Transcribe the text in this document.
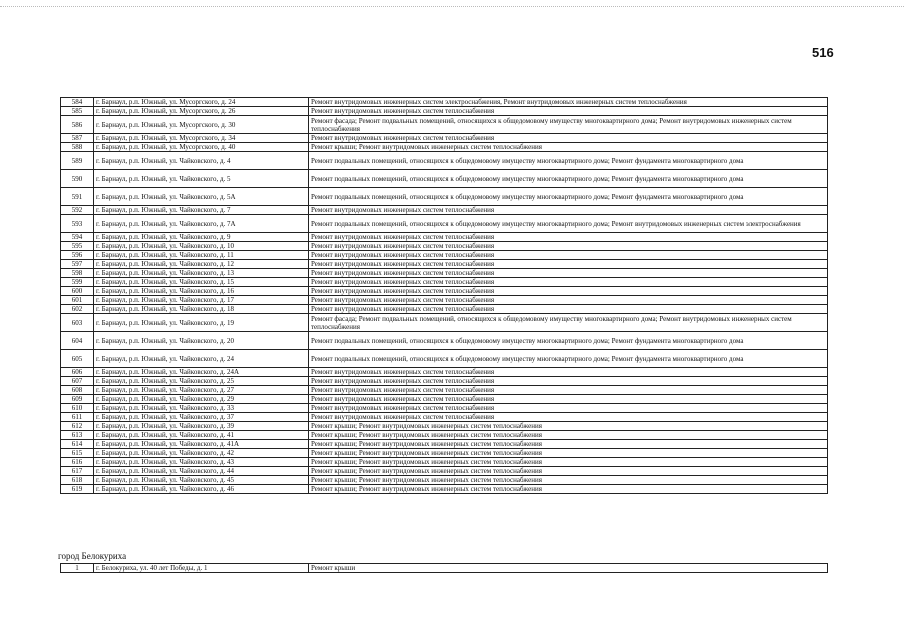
516
584	г. Барнаул, р.п. Южный, ул. Мусоргского, д. 24	Ремонт внутридомовых инженерных систем электроснабжения, Ремонт внутридомовых инженерных систем теплоснабжения
585	г. Барнаул, р.п. Южный, ул. Мусоргского, д. 26	Ремонт внутридомовых инженерных систем теплоснабжения
586	г. Барнаул, р.п. Южный, ул. Мусоргского, д. 30	Ремонт фасада; Ремонт подвальных помещений, относящихся к общедомовому имуществу многоквартирного дома; Ремонт внутридомовых инженерных систем теплоснабжения
587	г. Барнаул, р.п. Южный, ул. Мусоргского, д. 34	Ремонт внутридомовых инженерных систем теплоснабжения
588	г. Барнаул, р.п. Южный, ул. Мусоргского, д. 40	Ремонт крыши; Ремонт внутридомовых инженерных систем теплоснабжения
589	г. Барнаул, р.п. Южный, ул. Чайковского, д. 4	Ремонт подвальных помещений, относящихся к общедомовому имуществу многоквартирного дома; Ремонт фундамента многоквартирного дома
590	г. Барнаул, р.п. Южный, ул. Чайковского, д. 5	Ремонт подвальных помещений, относящихся к общедомовому имуществу многоквартирного дома; Ремонт фундамента многоквартирного дома
591	г. Барнаул, р.п. Южный, ул. Чайковского, д. 5А	Ремонт подвальных помещений, относящихся к общедомовому имуществу многоквартирного дома; Ремонт фундамента многоквартирного дома
592	г. Барнаул, р.п. Южный, ул. Чайковского, д. 7	Ремонт внутридомовых инженерных систем теплоснабжения
593	г. Барнаул, р.п. Южный, ул. Чайковского, д. 7А	Ремонт подвальных помещений, относящихся к общедомовому имуществу многоквартирного дома; Ремонт внутридомовых инженерных систем электроснабжения
594	г. Барнаул, р.п. Южный, ул. Чайковского, д. 9	Ремонт внутридомовых инженерных систем теплоснабжения
595	г. Барнаул, р.п. Южный, ул. Чайковского, д. 10	Ремонт внутридомовых инженерных систем теплоснабжения
596	г. Барнаул, р.п. Южный, ул. Чайковского, д. 11	Ремонт внутридомовых инженерных систем теплоснабжения
597	г. Барнаул, р.п. Южный, ул. Чайковского, д. 12	Ремонт внутридомовых инженерных систем теплоснабжения
598	г. Барнаул, р.п. Южный, ул. Чайковского, д. 13	Ремонт внутридомовых инженерных систем теплоснабжения
599	г. Барнаул, р.п. Южный, ул. Чайковского, д. 15	Ремонт внутридомовых инженерных систем теплоснабжения
600	г. Барнаул, р.п. Южный, ул. Чайковского, д. 16	Ремонт внутридомовых инженерных систем теплоснабжения
601	г. Барнаул, р.п. Южный, ул. Чайковского, д. 17	Ремонт внутридомовых инженерных систем теплоснабжения
602	г. Барнаул, р.п. Южный, ул. Чайковского, д. 18	Ремонт внутридомовых инженерных систем теплоснабжения
603	г. Барнаул, р.п. Южный, ул. Чайковского, д. 19	Ремонт фасада; Ремонт подвальных помещений, относящихся к общедомовому имуществу многоквартирного дома; Ремонт внутридомовых инженерных систем теплоснабжения
604	г. Барнаул, р.п. Южный, ул. Чайковского, д. 20	Ремонт подвальных помещений, относящихся к общедомовому имуществу многоквартирного дома; Ремонт фундамента многоквартирного дома
605	г. Барнаул, р.п. Южный, ул. Чайковского, д. 24	Ремонт подвальных помещений, относящихся к общедомовому имуществу многоквартирного дома; Ремонт фундамента многоквартирного дома
606	г. Барнаул, р.п. Южный, ул. Чайковского, д. 24А	Ремонт внутридомовых инженерных систем теплоснабжения
607	г. Барнаул, р.п. Южный, ул. Чайковского, д. 25	Ремонт внутридомовых инженерных систем теплоснабжения
608	г. Барнаул, р.п. Южный, ул. Чайковского, д. 27	Ремонт внутридомовых инженерных систем теплоснабжения
609	г. Барнаул, р.п. Южный, ул. Чайковского, д. 29	Ремонт внутридомовых инженерных систем теплоснабжения
610	г. Барнаул, р.п. Южный, ул. Чайковского, д. 33	Ремонт внутридомовых инженерных систем теплоснабжения
611	г. Барнаул, р.п. Южный, ул. Чайковского, д. 37	Ремонт внутридомовых инженерных систем теплоснабжения
612	г. Барнаул, р.п. Южный, ул. Чайковского, д. 39	Ремонт крыши; Ремонт внутридомовых инженерных систем теплоснабжения
613	г. Барнаул, р.п. Южный, ул. Чайковского, д. 41	Ремонт крыши; Ремонт внутридомовых инженерных систем теплоснабжения
614	г. Барнаул, р.п. Южный, ул. Чайковского, д. 41А	Ремонт крыши; Ремонт внутридомовых инженерных систем теплоснабжения
615	г. Барнаул, р.п. Южный, ул. Чайковского, д. 42	Ремонт крыши; Ремонт внутридомовых инженерных систем теплоснабжения
616	г. Барнаул, р.п. Южный, ул. Чайковского, д. 43	Ремонт крыши; Ремонт внутридомовых инженерных систем теплоснабжения
617	г. Барнаул, р.п. Южный, ул. Чайковского, д. 44	Ремонт крыши; Ремонт внутридомовых инженерных систем теплоснабжения
618	г. Барнаул, р.п. Южный, ул. Чайковского, д. 45	Ремонт крыши; Ремонт внутридомовых инженерных систем теплоснабжения
619	г. Барнаул, р.п. Южный, ул. Чайковского, д. 46	Ремонт крыши; Ремонт внутридомовых инженерных систем теплоснабжения
город Белокуриха
1	г. Белокуриха, ул. 40 лет Победы, д. 1	Ремонт крыши
